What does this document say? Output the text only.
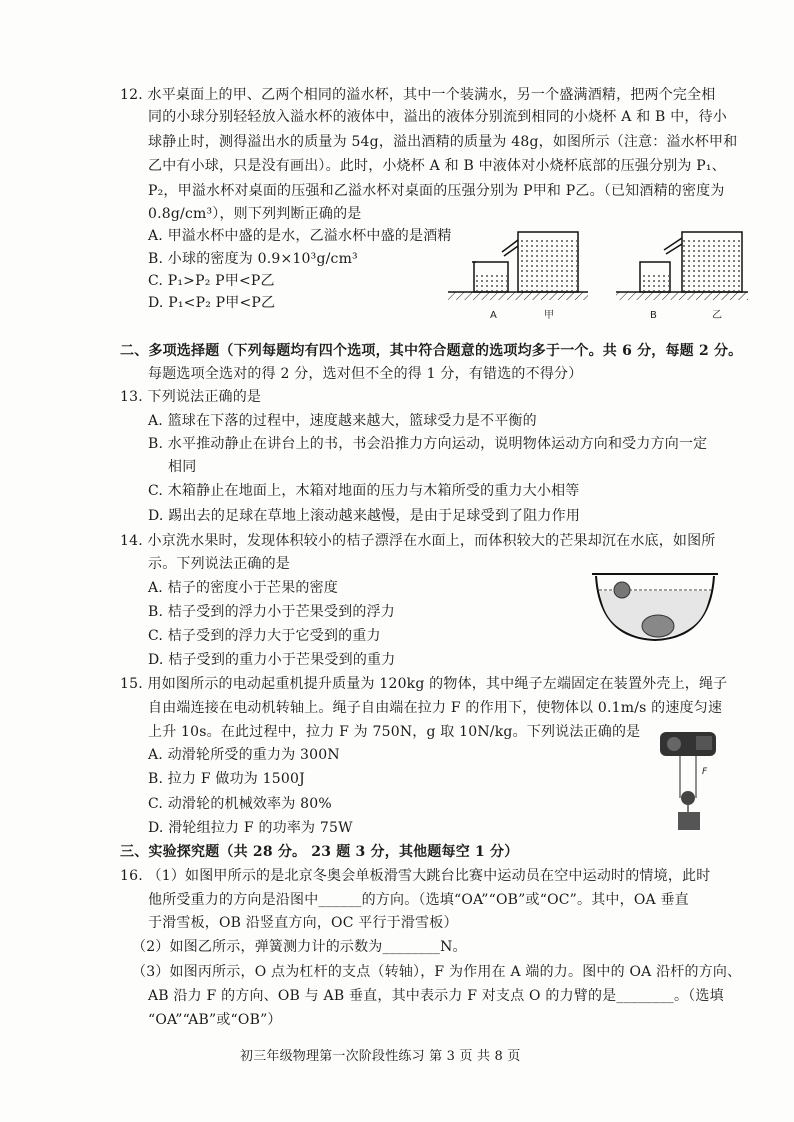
12. 水平桌面上的甲、乙两个相同的溢水杯，其中一个装满水，另一个盛满酒精，把两个完全相
同的小球分别轻轻放入溢水杯的液体中，溢出的液体分别流到相同的小烧杯 A 和 B 中，待小
球静止时，测得溢出水的质量为 54g，溢出酒精的质量为 48g，如图所示（注意：溢水杯甲和
乙中有小球，只是没有画出）。此时，小烧杯 A 和 B 中液体对小烧杯底部的压强分别为 P₁、
P₂，甲溢水杯对桌面的压强和乙溢水杯对桌面的压强分别为 P甲和 P乙。（已知酒精的密度为
0.8g/cm³），则下列判断正确的是
A. 甲溢水杯中盛的是水，乙溢水杯中盛的是酒精
B. 小球的密度为 0.9×10³g/cm³
C. P₁>P₂ P甲<P乙
D. P₁<P₂ P甲<P乙
A	甲	B	乙
二、多项选择题（下列每题均有四个选项，其中符合题意的选项均多于一个。共 6 分，每题 2 分。
每题选项全选对的得 2 分，选对但不全的得 1 分，有错选的不得分）
13. 下列说法正确的是
A. 篮球在下落的过程中，速度越来越大，篮球受力是不平衡的
B. 水平推动静止在讲台上的书，书会沿推力方向运动，说明物体运动方向和受力方向一定
相同
C. 木箱静止在地面上，木箱对地面的压力与木箱所受的重力大小相等
D. 踢出去的足球在草地上滚动越来越慢，是由于足球受到了阻力作用
14. 小京洗水果时，发现体积较小的桔子漂浮在水面上，而体积较大的芒果却沉在水底，如图所
示。下列说法正确的是
A. 桔子的密度小于芒果的密度
B. 桔子受到的浮力小于芒果受到的浮力
C. 桔子受到的浮力大于它受到的重力
D. 桔子受到的重力小于芒果受到的重力
15. 用如图所示的电动起重机提升质量为 120kg 的物体，其中绳子左端固定在装置外壳上，绳子
自由端连接在电动机转轴上。绳子自由端在拉力 F 的作用下，使物体以 0.1m/s 的速度匀速
上升 10s。在此过程中，拉力 F 为 750N，g 取 10N/kg。下列说法正确的是
A. 动滑轮所受的重力为 300N
B. 拉力 F 做功为 1500J
C. 动滑轮的机械效率为 80%
D. 滑轮组拉力 F 的功率为 75W
F
三、实验探究题（共 28 分。 23 题 3 分，其他题每空 1 分）
16. （1）如图甲所示的是北京冬奥会单板滑雪大跳台比赛中运动员在空中运动时的情境，此时
他所受重力的方向是沿图中______的方向。（选填“OA”“OB”或“OC”。其中，OA 垂直
于滑雪板，OB 沿竖直方向，OC 平行于滑雪板）
（2）如图乙所示，弹簧测力计的示数为________N。
（3）如图丙所示，O 点为杠杆的支点（转轴），F 为作用在 A 端的力。图中的 OA 沿杆的方向、
AB 沿力 F 的方向、OB 与 AB 垂直，其中表示力 F 对支点 O 的力臂的是________。（选填
“OA”“AB”或“OB”）
初三年级物理第一次阶段性练习 第 3 页 共 8 页
